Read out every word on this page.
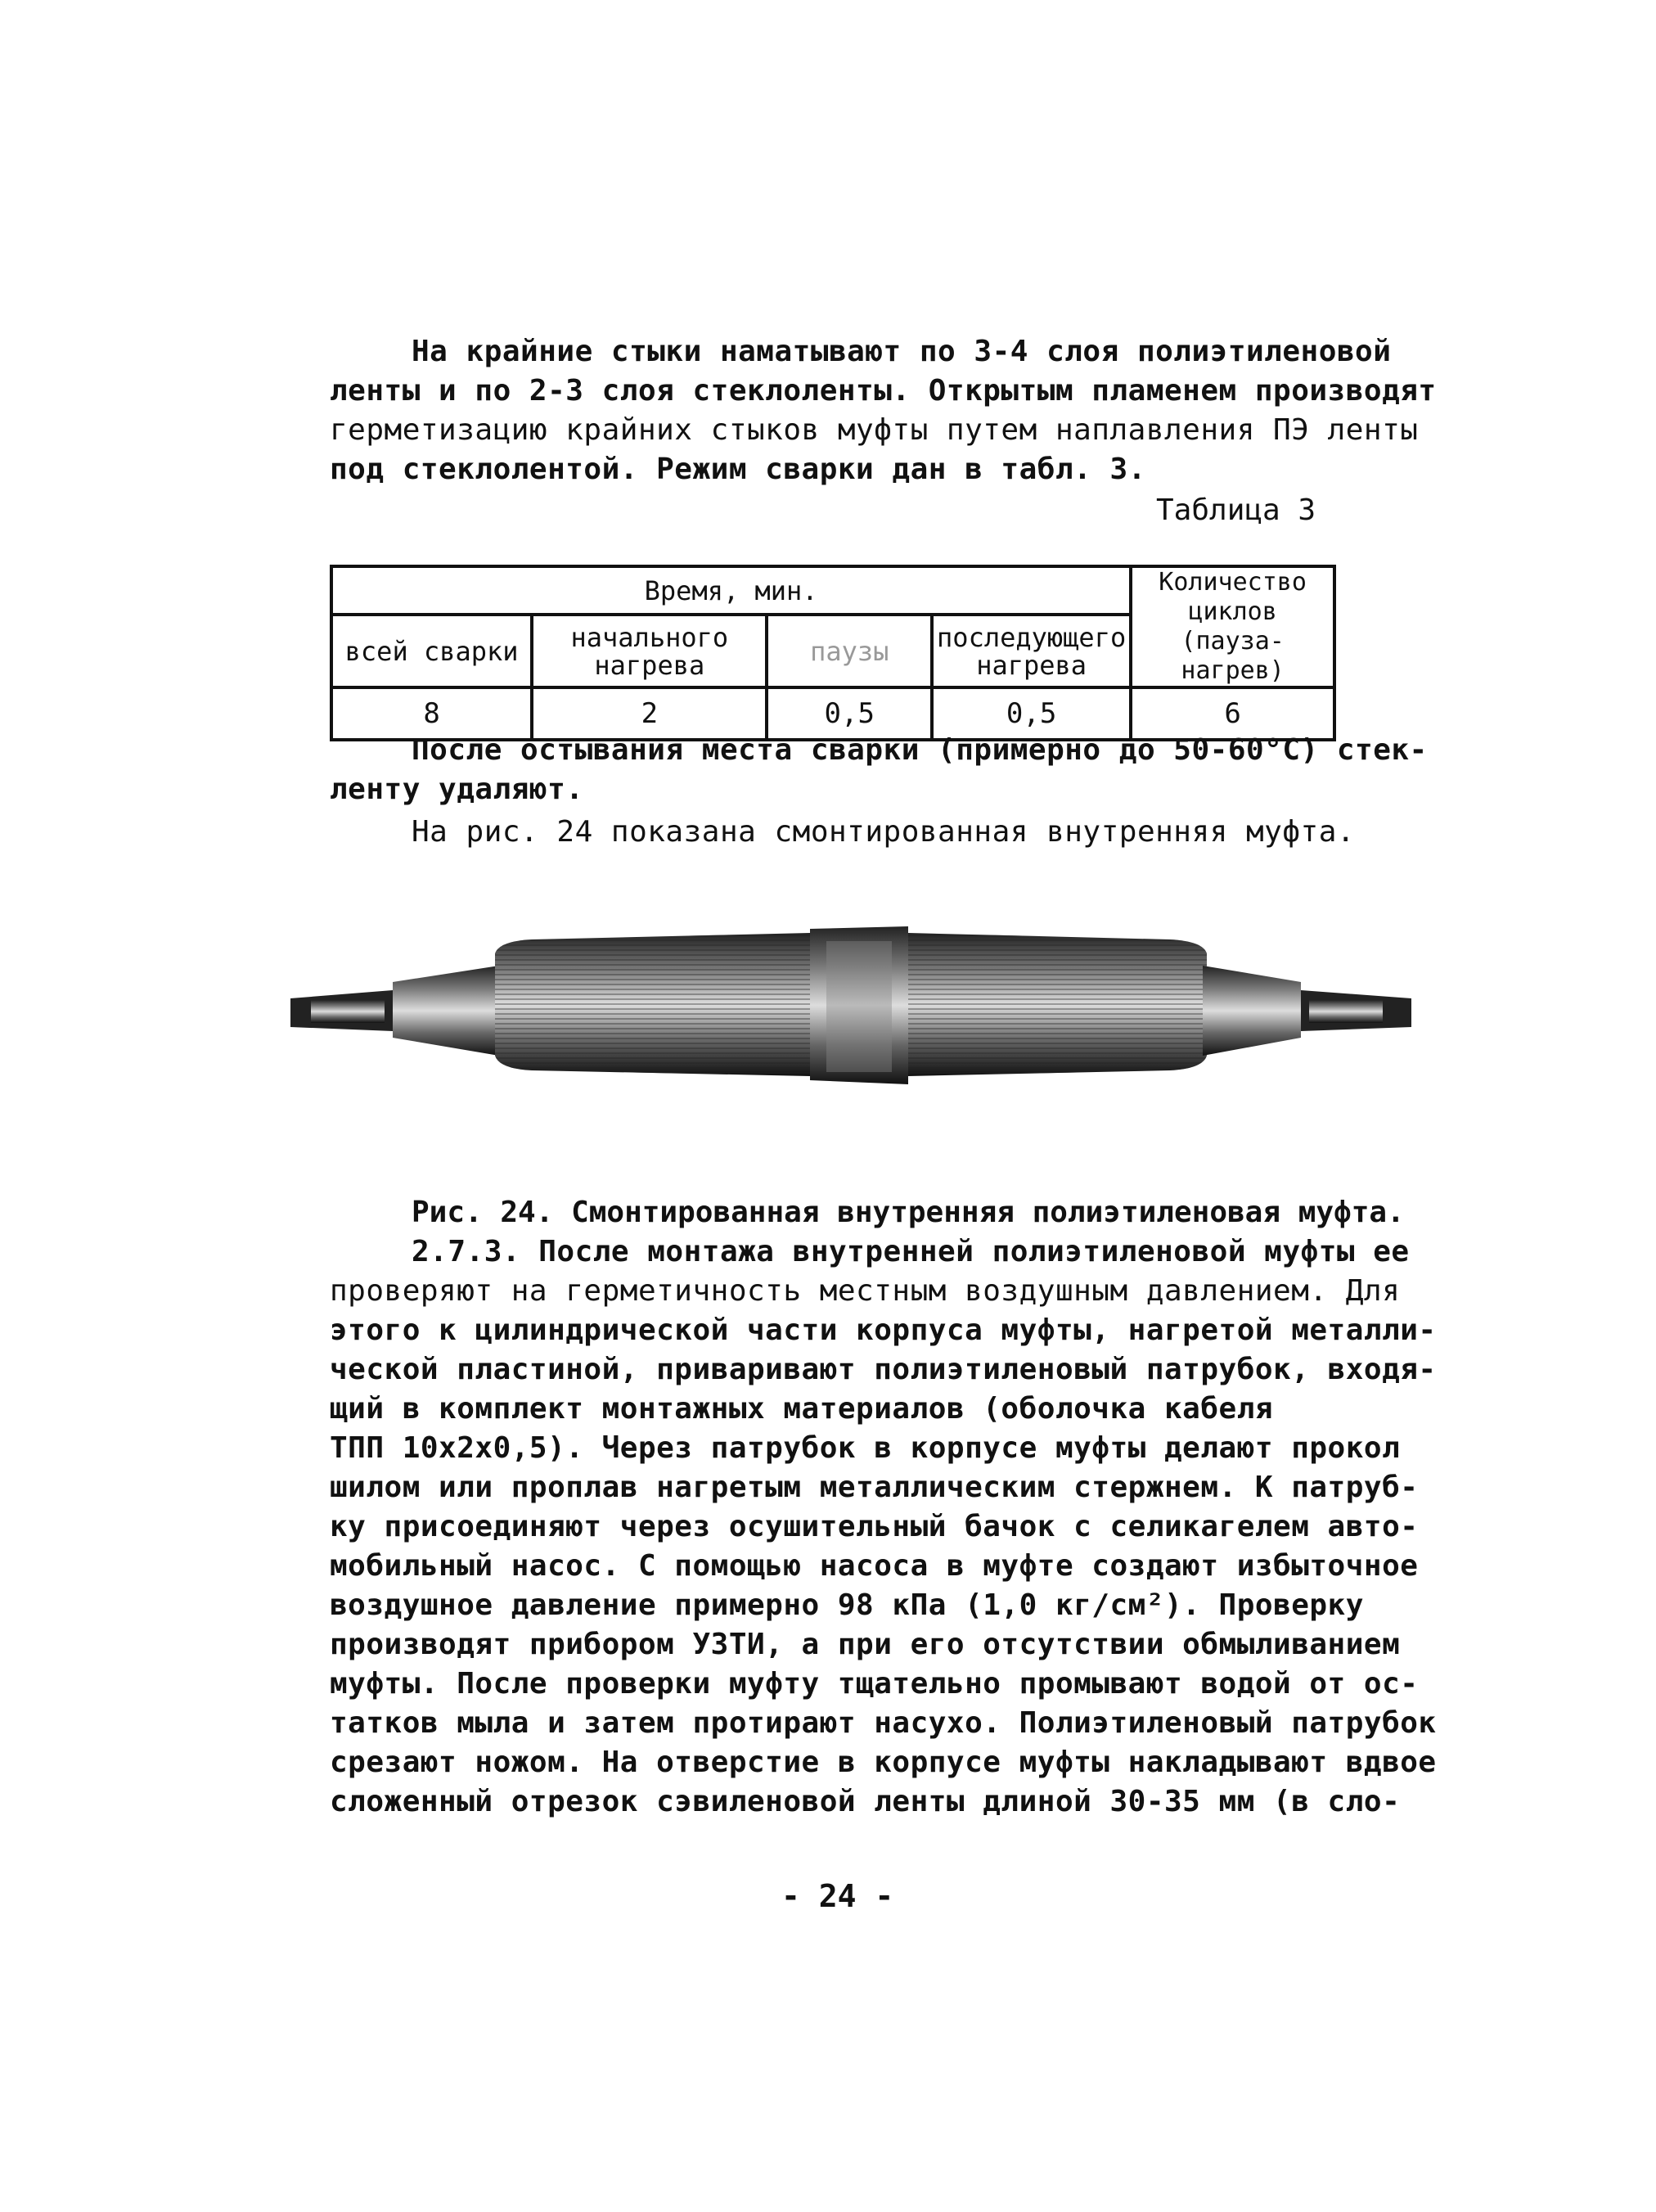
На крайние стыки наматывают по 3-4 слоя полиэтиленовой
ленты и по 2-3 слоя стеклоленты. Открытым пламенем производят
герметизацию крайних стыков муфты путем наплавления ПЭ ленты
под стеклолентой. Режим сварки дан в табл. 3.
Таблица 3
Время, мин.				Количество циклов (пауза-нагрев)
всей сварки	начального нагрева	паузы	последующего нагрева	
8	2	0,5	0,5	6
После остывания места сварки (примерно до 50-60°С) стек-
ленту удаляют.
На рис. 24 показана смонтированная внутренняя муфта.
Рис. 24. Смонтированная внутренняя полиэтиленовая муфта.
2.7.3. После монтажа внутренней полиэтиленовой муфты ее
проверяют на герметичность местным воздушным давлением. Для
этого к цилиндрической части корпуса муфты, нагретой металли-
ческой пластиной, приваривают полиэтиленовый патрубок, входя-
щий в комплект монтажных материалов (оболочка кабеля
ТПП 10х2х0,5). Через патрубок в корпусе муфты делают прокол
шилом или проплав нагретым металлическим стержнем. К патруб-
ку присоединяют через осушительный бачок с селикагелем авто-
мобильный насос. С помощью насоса в муфте создают избыточное
воздушное давление примерно 98 кПа (1,0 кг/см²). Проверку
производят прибором УЗТИ, а при его отсутствии обмыливанием
муфты. После проверки муфту тщательно промывают водой от ос-
татков мыла и затем протирают насухо. Полиэтиленовый патрубок
срезают ножом. На отверстие в корпусе муфты накладывают вдвое
сложенный отрезок сэвиленовой ленты длиной 30-35 мм (в сло-
- 24 -
